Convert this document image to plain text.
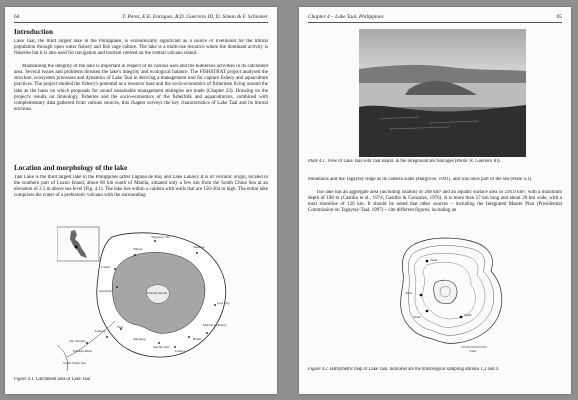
64	T. Perez, E.E. Enriquez, R.D. Guerrero III, D. Simon & F. Schiemer
Introduction

Lake Taal, the third largest lake in the Philippines, is economically significant as a source of livelihood for the littoral population through open water fishery and fish cage culture. The lake is a multi-use resource where the dominant activity is fisheries but it is also used for navigation and tourism centred on the central volcano island.

Maintaining the integrity of the lake is important in respect of its various uses and the numerous activities in its catchment area. Several issues and problems threaten the lake's integrity and ecological balance. The FISHSTRAT project analysed the structure, ecosystem processes and dynamics of Lake Taal in deriving a management tool for capture fishery and aquaculture practices. The project studied the fishery's potential as a resource base and the socio-economics of fishermen living around the lake as the basis on which proposals for sound sustainable management strategies are made (Chapter 23). Drawing on the project's results on limnology, fisheries and the socio-economics of the fisherfolk and aquaculturists, combined with complementary data gathered from various sources, this chapter surveys the key characteristics of Lake Taal and its littoral environs.

Location and morphology of the lake

Taal Lake is the third largest lake in the Philippines (after Laguna de Bay and Lake Lanao). It is of volcanic origin, located in the southern part of Luzon Island, about 60 km south of Manila, situated only a few km from the South China Sea at an elevation of 2.5 m above sea level (Fig. 4.1). The lake lies within a caldera with walls that are 150-304 m high. The entire lake comprises the crater of a prehistoric volcano with the surrounding

Tagaytay City
Talisay
Laurel
Agoncillo
Tanauan
Lipa City
Mataas na Kahoy
Balete
Cuenca
San Nicolas
Alitagtag
Taal
Lemery
Sta. Teresita
Pansipit River
South China Sea
Volcano Island

Figure 4.1. Catchment area of Lake Taal

Chapter 4 – Lake Taal, Philippines	65

Plate 4.1. View of Lake Taal with Taal Island. In the foreground are fishcages (Photo: R. Guerrero III).

mountains and the Tagaytay ridge as its caldera walls (Hargrove, 1991), and was once part of the sea (Plate 4.1).

The lake has an aggregate area (including islands) of 268 km² and an aquatic surface area of 236.9 km², with a maximum depth of 198 m (Castillo et al., 1974; Castillo & Gonzales, 1976). It is more than 27 km long and about 20 km wide, with a total shoreline of 120 km. It should be noted that other sources – including the Integrated Master Plan (Presidential Commission on Tagaytay-Taal, 1997) – cite different figures, including an

Taal2
Taal1
Taal4	Taal4
5 km

Figure 4.2. Bathymetric map of Lake Taal. Indicated are the limnological sampling stations 1,2 and 4.
